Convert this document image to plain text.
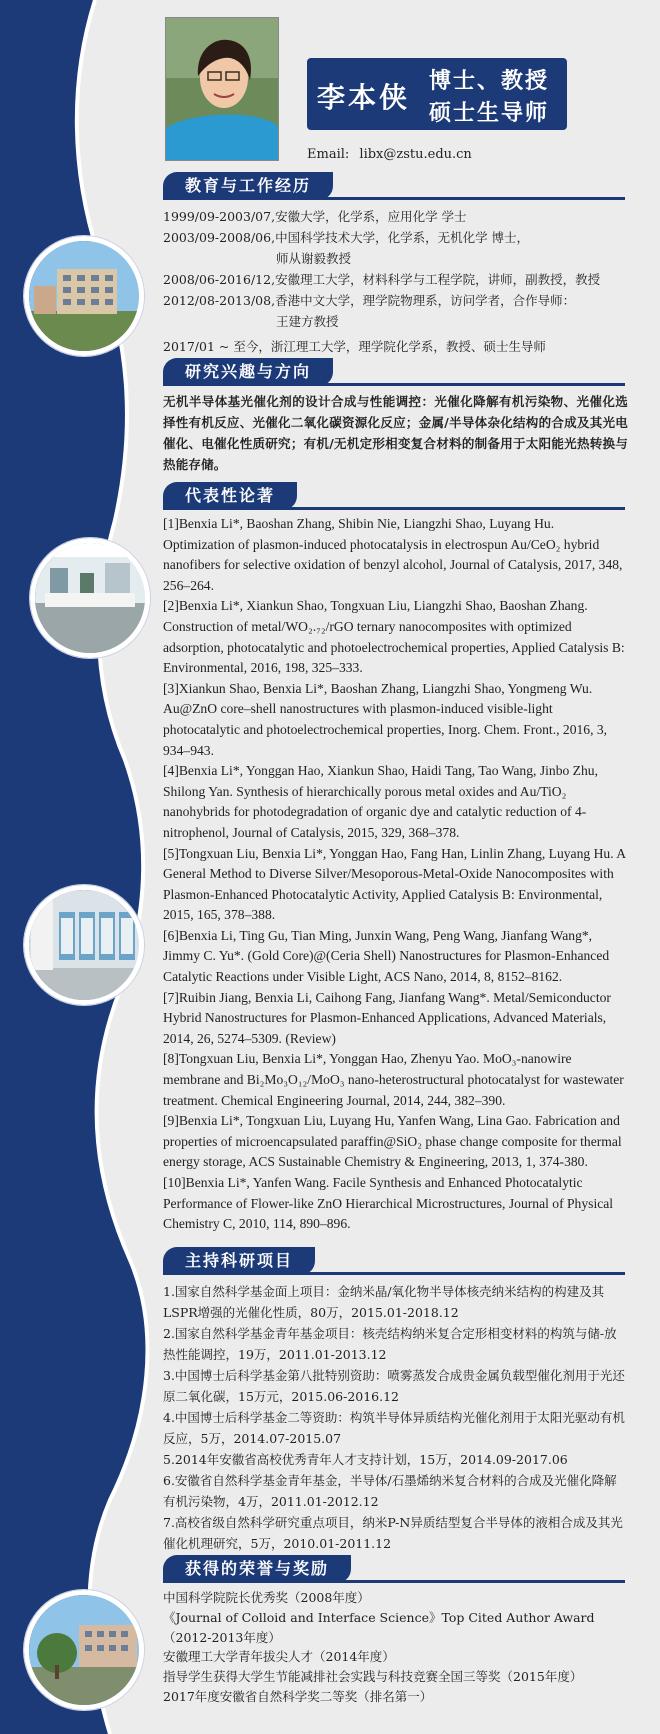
李本侠 博士、教授
硕士生导师
Email: libx@zstu.edu.cn
教育与工作经历
1999/09-2003/07, 安徽大学，化学系，应用化学 学士
2003/09-2008/06, 中国科学技术大学，化学系，无机化学 博士，
师从谢毅教授
2008/06-2016/12, 安徽理工大学，材料科学与工程学院，讲师，副教授，教授
2012/08-2013/08, 香港中文大学，理学院物理系，访问学者，合作导师：
王建方教授
2017/01 ~ 至今， 浙江理工大学，理学院化学系，教授、硕士生导师
研究兴趣与方向
无机半导体基光催化剂的设计合成与性能调控：光催化降解有机污染物、光催化选择性有机反应、光催化二氧化碳资源化反应；金属/半导体杂化结构的合成及其光电催化、电催化性质研究；有机/无机定形相变复合材料的制备用于太阳能光热转换与热能存储。
代表性论著

[1]Benxia Li*, Baoshan Zhang, Shibin Nie, Liangzhi Shao, Luyang Hu. Optimization of plasmon-induced photocatalysis in electrospun Au/CeO₂ hybrid nanofibers for selective oxidation of benzyl alcohol, Journal of Catalysis, 2017, 348, 256–264.

[2]Benxia Li*, Xiankun Shao, Tongxuan Liu, Liangzhi Shao, Baoshan Zhang. Construction of metal/WO₂.₇₂/rGO ternary nanocomposites with optimized adsorption, photocatalytic and photoelectrochemical properties, Applied Catalysis B: Environmental, 2016, 198, 325–333.

[3]Xiankun Shao, Benxia Li*, Baoshan Zhang, Liangzhi Shao, Yongmeng Wu. Au@ZnO core–shell nanostructures with plasmon-induced visible-light photocatalytic and photoelectrochemical properties, Inorg. Chem. Front., 2016, 3, 934–943.

[4]Benxia Li*, Yonggan Hao, Xiankun Shao, Haidi Tang, Tao Wang, Jinbo Zhu, Shilong Yan. Synthesis of hierarchically porous metal oxides and Au/TiO₂ nanohybrids for photodegradation of organic dye and catalytic reduction of 4-nitrophenol, Journal of Catalysis, 2015, 329, 368–378.

[5]Tongxuan Liu, Benxia Li*, Yonggan Hao, Fang Han, Linlin Zhang, Luyang Hu. A General Method to Diverse Silver/Mesoporous-Metal-Oxide Nanocomposites with Plasmon-Enhanced Photocatalytic Activity, Applied Catalysis B: Environmental, 2015, 165, 378–388.

[6]Benxia Li, Ting Gu, Tian Ming, Junxin Wang, Peng Wang, Jianfang Wang*, Jimmy C. Yu*. (Gold Core)@(Ceria Shell) Nanostructures for Plasmon-Enhanced Catalytic Reactions under Visible Light, ACS Nano, 2014, 8, 8152–8162.

[7]Ruibin Jiang, Benxia Li, Caihong Fang, Jianfang Wang*. Metal/Semiconductor Hybrid Nanostructures for Plasmon-Enhanced Applications, Advanced Materials, 2014, 26, 5274–5309. (Review)

[8]Tongxuan Liu, Benxia Li*, Yonggan Hao, Zhenyu Yao. MoO₃-nanowire membrane and Bi₂Mo₃O₁₂/MoO₃ nano-heterostructural photocatalyst for wastewater treatment. Chemical Engineering Journal, 2014, 244, 382–390.

[9]Benxia Li*, Tongxuan Liu, Luyang Hu, Yanfen Wang, Lina Gao. Fabrication and properties of microencapsulated paraffin@SiO₂ phase change composite for thermal energy storage, ACS Sustainable Chemistry & Engineering, 2013, 1, 374-380.

[10]Benxia Li*, Yanfen Wang. Facile Synthesis and Enhanced Photocatalytic Performance of Flower-like ZnO Hierarchical Microstructures, Journal of Physical Chemistry C, 2010, 114, 890–896.

主持科研项目

1.国家自然科学基金面上项目：金纳米晶/氧化物半导体核壳纳米结构的构建及其LSPR增强的光催化性质，80万，2015.01-2018.12

2.国家自然科学基金青年基金项目：核壳结构纳米复合定形相变材料的构筑与储-放热性能调控，19万，2011.01-2013.12

3.中国博士后科学基金第八批特别资助：喷雾蒸发合成贵金属负载型催化剂用于光还原二氧化碳，15万元，2015.06-2016.12

4.中国博士后科学基金二等资助：构筑半导体异质结构光催化剂用于太阳光驱动有机反应，5万，2014.07-2015.07

5.2014年安徽省高校优秀青年人才支持计划，15万，2014.09-2017.06

6.安徽省自然科学基金青年基金，半导体/石墨烯纳米复合材料的合成及光催化降解有机污染物，4万，2011.01-2012.12

7.高校省级自然科学研究重点项目，纳米P-N异质结型复合半导体的液相合成及其光催化机理研究，5万，2010.01-2011.12

获得的荣誉与奖励

中国科学院院长优秀奖（2008年度）

《Journal of Colloid and Interface Science》Top Cited Author Award（2012-2013年度）

安徽理工大学青年拔尖人才（2014年度）

指导学生获得大学生节能减排社会实践与科技竞赛全国三等奖（2015年度）

2017年度安徽省自然科学奖二等奖（排名第一）
